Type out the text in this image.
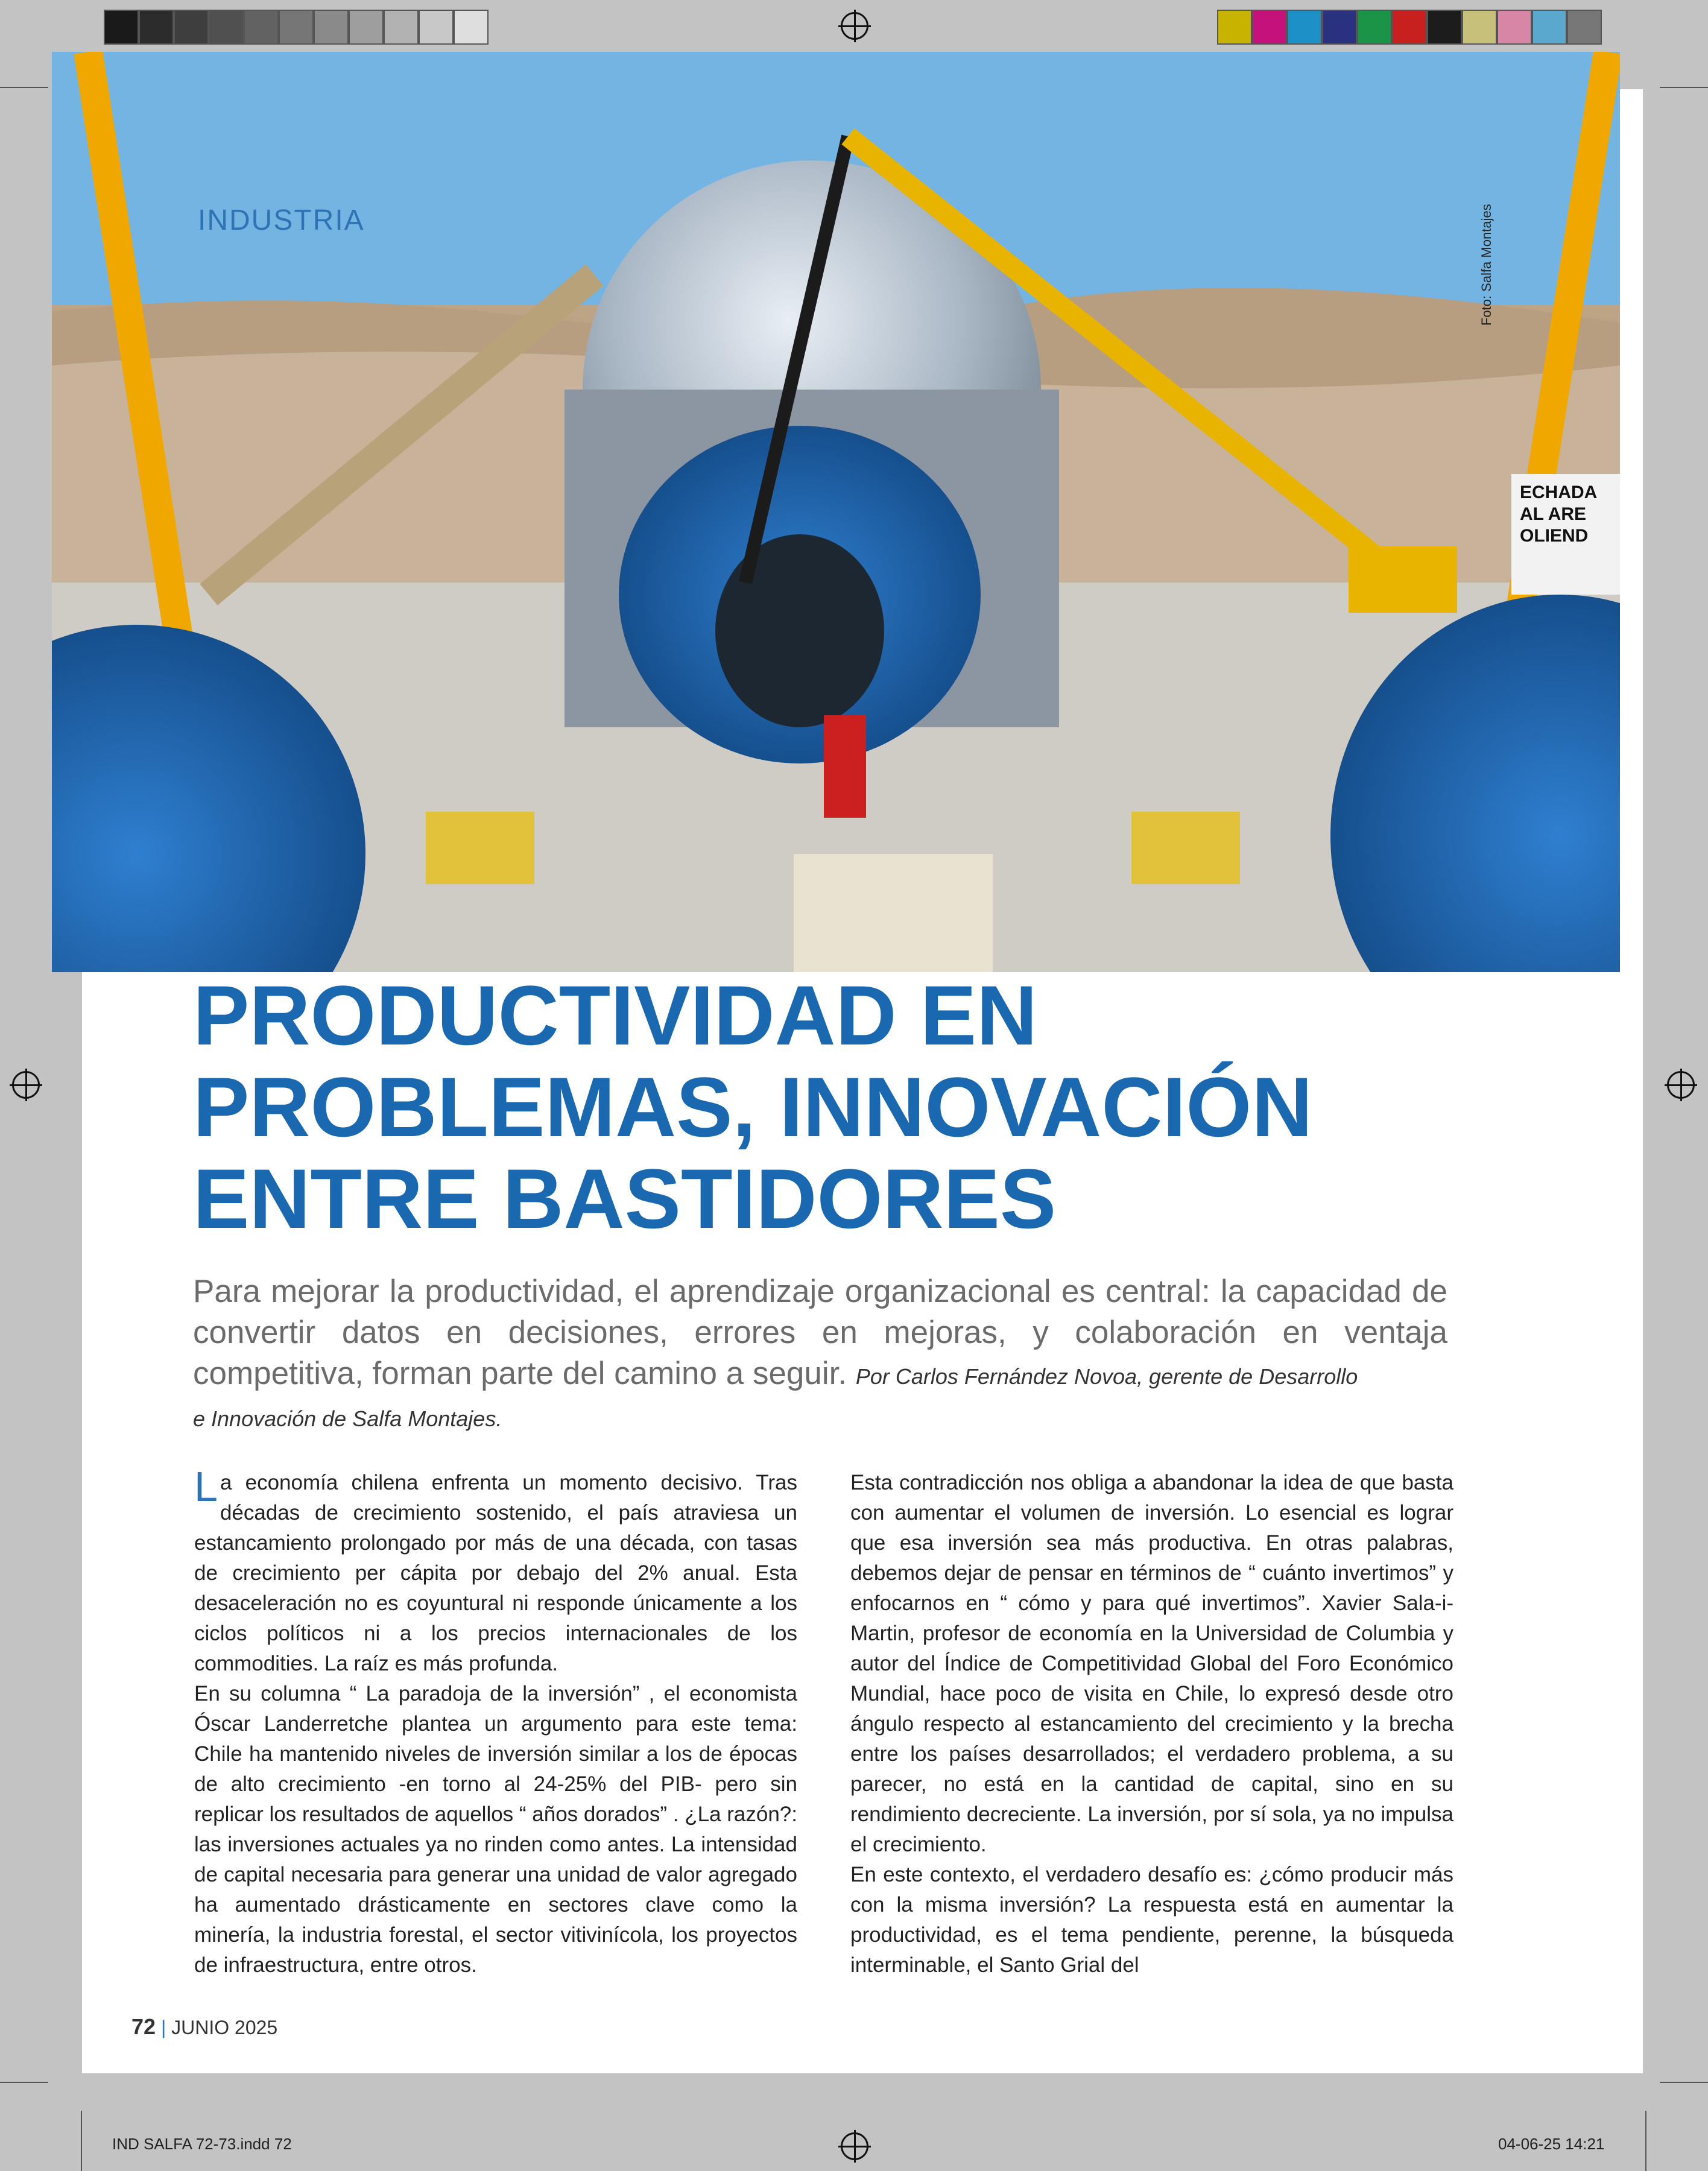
ECHADA
AL ARE
OLIEND
INDUSTRIA	Foto: Salfa Montajes
PRODUCTIVIDAD EN
PROBLEMAS, INNOVACIÓN
ENTRE BASTIDORES

Para mejorar la productividad, el aprendizaje organizacional es central: la capacidad de convertir datos en decisiones, errores en mejoras, y colaboración en ventaja competitiva, forman parte del camino a seguir. Por Carlos Fernández Novoa, gerente de Desarrollo

e Innovación de Salfa Montajes.

La economía chilena enfrenta un momento decisivo. Tras décadas de crecimiento sostenido, el país atraviesa un estancamiento prolongado por más de una década, con tasas de crecimiento per cápita por debajo del 2% anual. Esta desaceleración no es coyuntural ni responde únicamente a los ciclos políticos ni a los precios internacionales de los commodities. La raíz es más profunda.

En su columna “ La paradoja de la inversión” , el economista Óscar Landerretche plantea un argumento para este tema: Chile ha mantenido niveles de inversión similar a los de épocas de alto crecimiento -en torno al 24-25% del PIB- pero sin replicar los resultados de aquellos “ años dorados” . ¿La razón?: las inversiones actuales ya no rinden como antes. La intensidad de capital necesaria para generar una unidad de valor agregado ha aumentado drásticamente en sectores clave como la minería, la industria forestal, el sector vitivinícola, los proyectos de infraestructura, entre otros.

Esta contradicción nos obliga a abandonar la idea de que basta con aumentar el volumen de inversión. Lo esencial es lograr que esa inversión sea más productiva. En otras palabras, debemos dejar de pensar en términos de “ cuánto invertimos” y enfocarnos en “ cómo y para qué invertimos”. Xavier Sala-i-Martin, profesor de economía en la Universidad de Columbia y autor del Índice de Competitividad Global del Foro Económico Mundial, hace poco de visita en Chile, lo expresó desde otro ángulo respecto al estancamiento del crecimiento y la brecha entre los países desarrollados; el verdadero problema, a su parecer, no está en la cantidad de capital, sino en su rendimiento decreciente. La inversión, por sí sola, ya no impulsa el crecimiento.

En este contexto, el verdadero desafío es: ¿cómo producir más con la misma inversión? La respuesta está en aumentar la productividad, es el tema pendiente, perenne, la búsqueda interminable, el Santo Grial del

72 | JUNIO 2025
IND SALFA 72-73.indd 72	04-06-25 14:21
